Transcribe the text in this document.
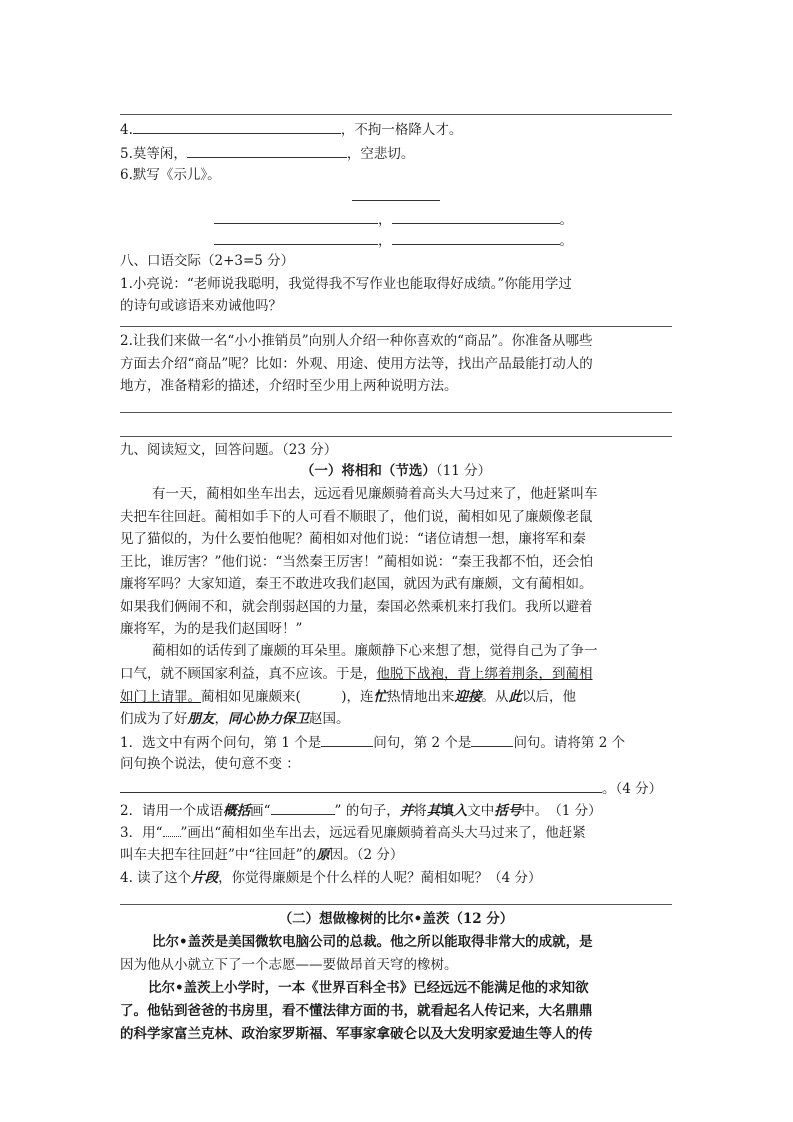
4.	，不拘一格降人才。
5.莫等闲，	，空悲切。
6.默写《示儿》。
，	。
，	。
八、口语交际（2+3=5 分）
1.小亮说：“老师说我聪明，我觉得我不写作业也能取得好成绩。”你能用学过
的诗句或谚语来劝诫他吗？
2.让我们来做一名“小小推销员”向别人介绍一种你喜欢的“商品”。你准备从哪些
方面去介绍“商品”呢？比如：外观、用途、使用方法等，找出产品最能打动人的
地方，准备精彩的描述，介绍时至少用上两种说明方法。
九、阅读短文，回答问题。（23 分）
（一）将相和（节选）（11 分）
有一天，蔺相如坐车出去，远远看见廉颇骑着高头大马过来了，他赶紧叫车
夫把车往回赶。蔺相如手下的人可看不顺眼了，他们说，蔺相如见了廉颇像老鼠
见了猫似的，为什么要怕他呢？蔺相如对他们说：“诸位请想一想，廉将军和秦
王比，谁厉害？”他们说：“当然秦王厉害！”蔺相如说：“秦王我都不怕，还会怕
廉将军吗？大家知道，秦王不敢进攻我们赵国，就因为武有廉颇，文有蔺相如。
如果我们俩闹不和，就会削弱赵国的力量，秦国必然乘机来打我们。我所以避着
廉将军，为的是我们赵国呀！”
蔺相如的话传到了廉颇的耳朵里。廉颇静下心来想了想，觉得自己为了争一
口气，就不顾国家利益，真不应该。于是，他脱下战袍，背上绑着荆条，到蔺相
如门上请罪。蔺相如见廉颇来(　　　)，连忙热情地出来迎接。从此以后，他
们成为了好朋友，同心协力保卫赵国。
1．选文中有两个问句，第 1 个是	问句，第 2 个是	问句。请将第 2 个
问句换个说法，使句意不变 ：
。（4 分）
2．请用一个成语概括画“	” 的句子，并将其填入文中括号中。　（1 分）
3．用“ ”画出“蔺相如坐车出去，远远看见廉颇骑着高头大马过来了，他赶紧
叫车夫把车往回赶”中“往回赶”的原因。（2 分）
4. 读了这个片段，你觉得廉颇是个什么样的人呢？蔺相如呢？（4 分）
（二）想做橡树的比尔•盖茨（12 分）
比尔•盖茨是美国微软电脑公司的总裁。他之所以能取得非常大的成就，是
因为他从小就立下了一个志愿——要做昂首天穹的橡树。
比尔•盖茨上小学时，一本《世界百科全书》已经远远不能满足他的求知欲
了。他钻到爸爸的书房里，看不懂法律方面的书，就看起名人传记来，大名鼎鼎
的科学家富兰克林、政治家罗斯福、军事家拿破仑以及大发明家爱迪生等人的传
